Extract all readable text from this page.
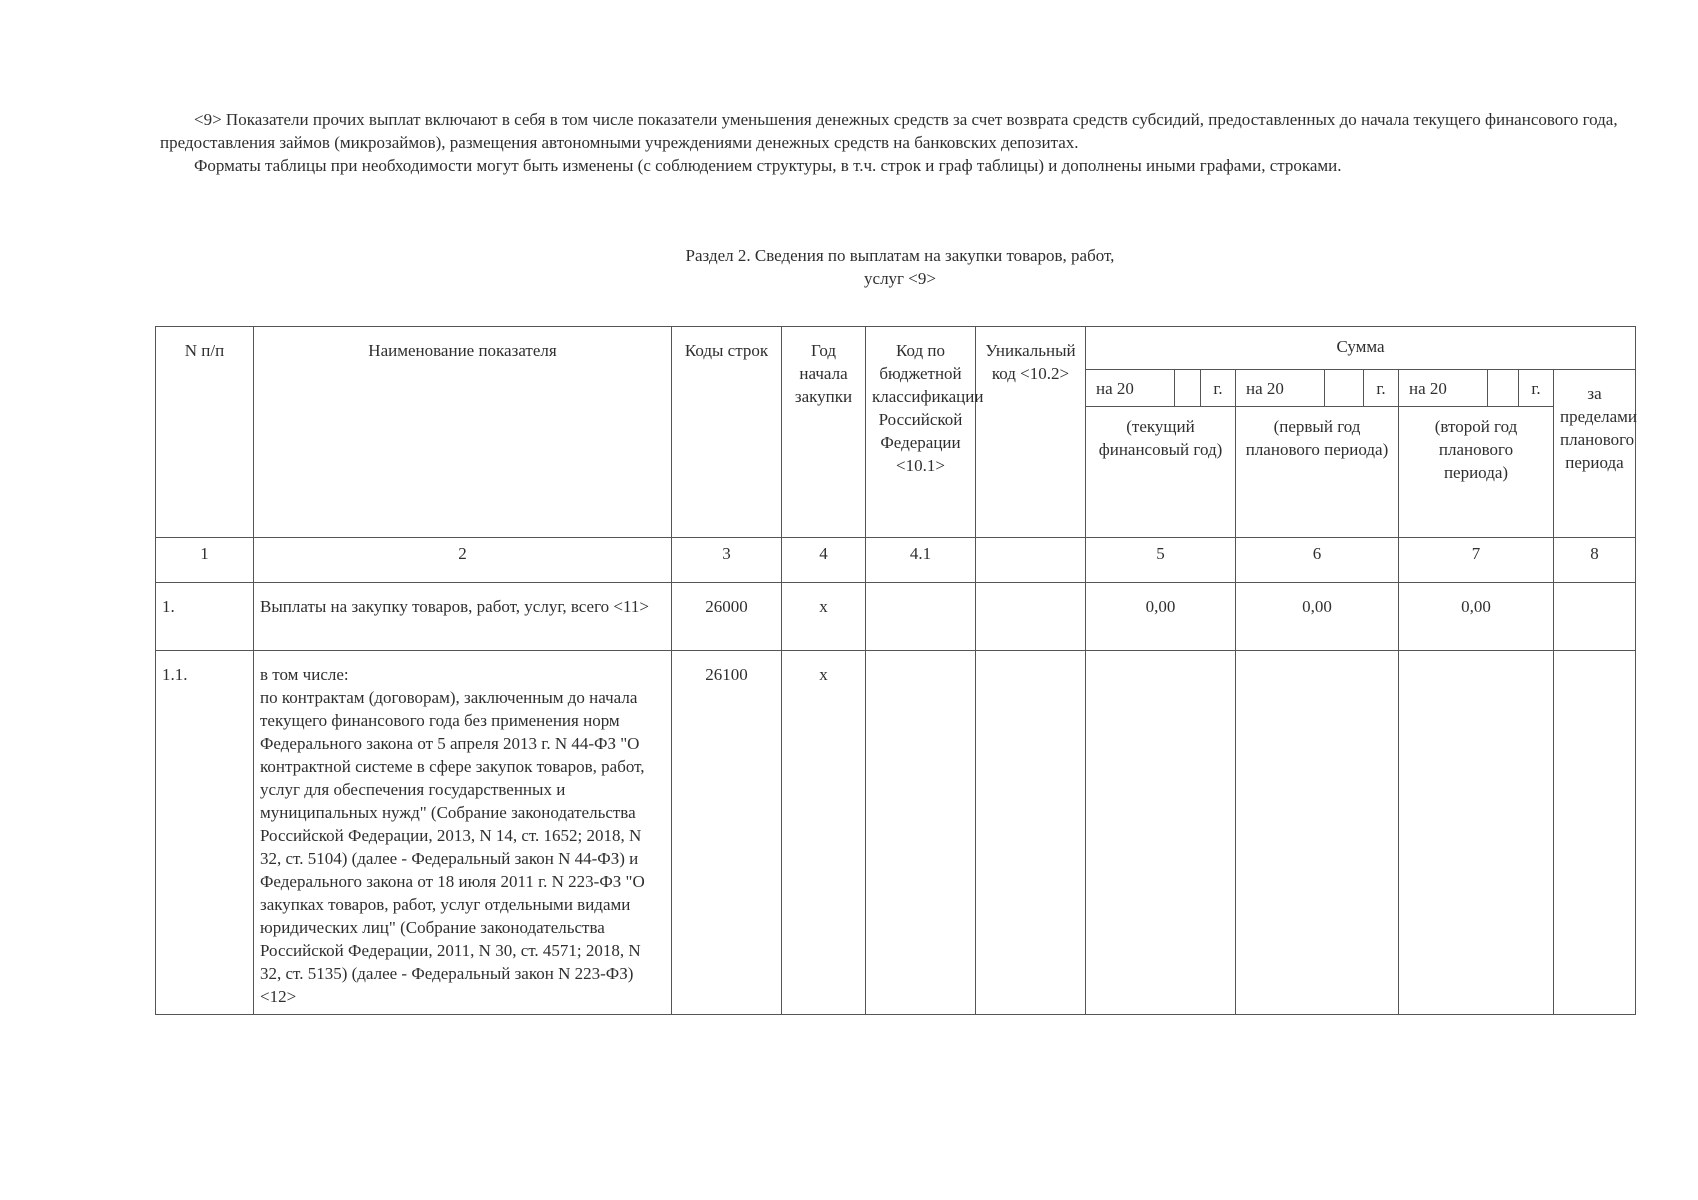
<9> Показатели прочих выплат включают в себя в том числе показатели уменьшения денежных средств за счет возврата средств субсидий, предоставленных до начала текущего финансового года, предоставления займов (микрозаймов), размещения автономными учреждениями денежных средств на банковских депозитах.

Форматы таблицы при необходимости могут быть изменены (с соблюдением структуры, в т.ч. строк и граф таблицы) и дополнены иными графами, строками.

Раздел 2. Сведения по выплатам на закупки товаров, работ,
услуг <9>
N п/п	Наименование показателя	Коды строк	Год начала закупки	Код по бюджетной классификации Российской Федерации <10.1>	Уникальный код <10.2>	Сумма			

						на 20 г.	на 20 г.	на 20 г.	за пределами планового периода
						(текущий финансовый год)	(первый год планового периода)	(второй год планового периода)	
1	2	3	4	4.1		5	6	7	8
1.	Выплаты на закупку товаров, работ, услуг, всего <11>	26000	х			0,00	0,00	0,00	
1.1.	в том числе:
по контрактам (договорам), заключенным до начала текущего финансового года без применения норм Федерального закона от 5 апреля 2013 г. N 44-ФЗ "О контрактной системе в сфере закупок товаров, работ, услуг для обеспечения государственных и муниципальных нужд" (Собрание законодательства Российской Федерации, 2013, N 14, ст. 1652; 2018, N 32, ст. 5104) (далее - Федеральный закон N 44-ФЗ) и Федерального закона от 18 июля 2011 г. N 223-ФЗ "О закупках товаров, работ, услуг отдельными видами юридических лиц" (Собрание законодательства Российской Федерации, 2011, N 30, ст. 4571; 2018, N 32, ст. 5135) (далее - Федеральный закон N 223-ФЗ) <12>	26100	х						
